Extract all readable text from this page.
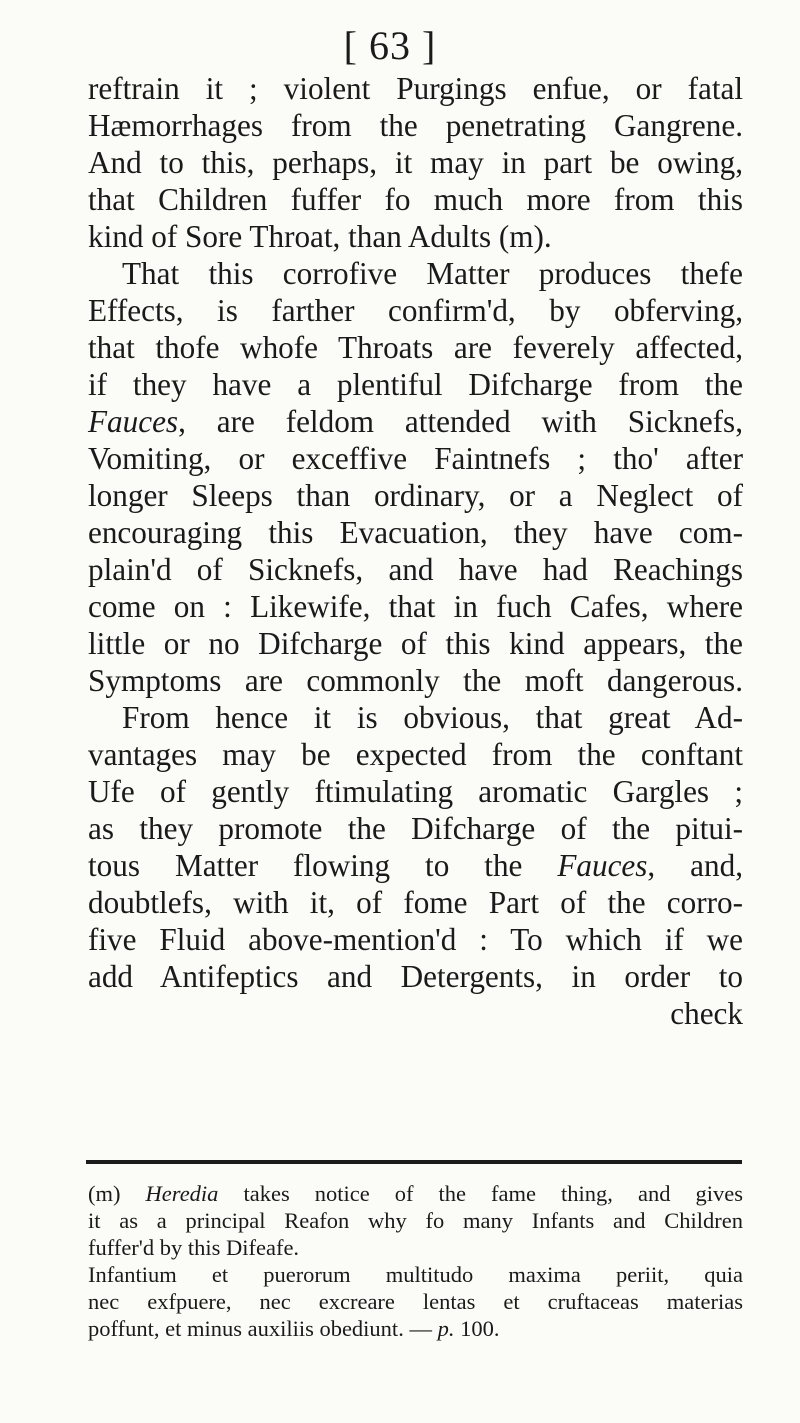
[ 63 ]
reftrain it ; violent Purgings enfue, or fatal
Hæmorrhages from the penetrating Gangrene.
And to this, perhaps, it may in part be owing,
that Children fuffer fo much more from this
kind of Sore Throat, than Adults (m).
That this corrofive Matter produces thefe
Effects, is farther confirm'd, by obferving,
that thofe whofe Throats are feverely affected,
if they have a plentiful Difcharge from the
Fauces, are feldom attended with Sicknefs,
Vomiting, or exceffive Faintnefs ; tho' after
longer Sleeps than ordinary, or a Neglect of
encouraging this Evacuation, they have com-
plain'd of Sicknefs, and have had Reachings
come on : Likewife, that in fuch Cafes, where
little or no Difcharge of this kind appears, the
Symptoms are commonly the moft dangerous.
From hence it is obvious, that great Ad-
vantages may be expected from the conftant
Ufe of gently ftimulating aromatic Gargles ;
as they promote the Difcharge of the pitui-
tous Matter flowing to the Fauces, and,
doubtlefs, with it, of fome Part of the corro-
five Fluid above-mention'd : To which if we
add Antifeptics and Detergents, in order to
check
(m) Heredia takes notice of the fame thing, and gives
it as a principal Reafon why fo many Infants and Children
fuffer'd by this Difeafe.
Infantium et puerorum multitudo maxima periit, quia
nec exfpuere, nec excreare lentas et cruftaceas materias
poffunt, et minus auxiliis obediunt. — p. 100.
